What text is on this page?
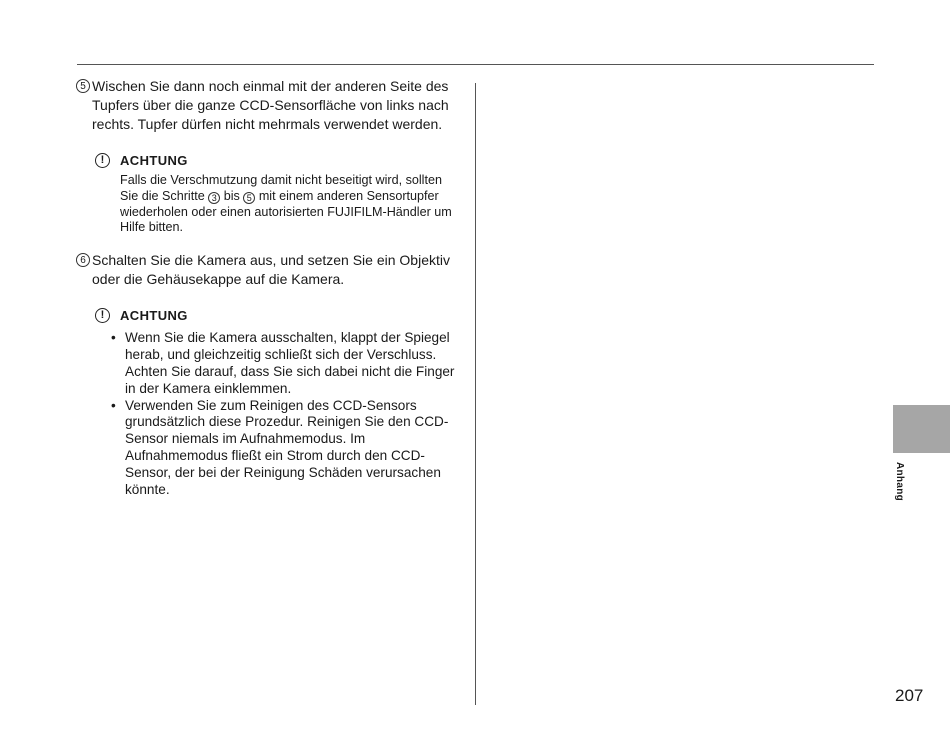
5 Wischen Sie dann noch einmal mit der anderen Seite des Tupfers über die ganze CCD-Sensorfläche von links nach rechts. Tupfer dürfen nicht mehrmals verwendet werden.
!	ACHTUNG
Falls die Verschmutzung damit nicht beseitigt wird, sollten Sie die Schritte 3 bis 5 mit einem anderen Sensortupfer wiederholen oder einen autorisierten FUJIFILM-Händler um Hilfe bitten.
6 Schalten Sie die Kamera aus, und setzen Sie ein Objektiv oder die Gehäusekappe auf die Kamera.
!	ACHTUNG
• Wenn Sie die Kamera ausschalten, klappt der Spiegel herab, und gleichzeitig schließt sich der Verschluss. Achten Sie darauf, dass Sie sich dabei nicht die Finger in der Kamera einklemmen.
• Verwenden Sie zum Reinigen des CCD-Sensors grundsätzlich diese Prozedur. Reinigen Sie den CCD-Sensor niemals im Aufnahmemodus. Im Aufnahmemodus fließt ein Strom durch den CCD-Sensor, der bei der Reinigung Schäden verursachen könnte.	Anhang
207
